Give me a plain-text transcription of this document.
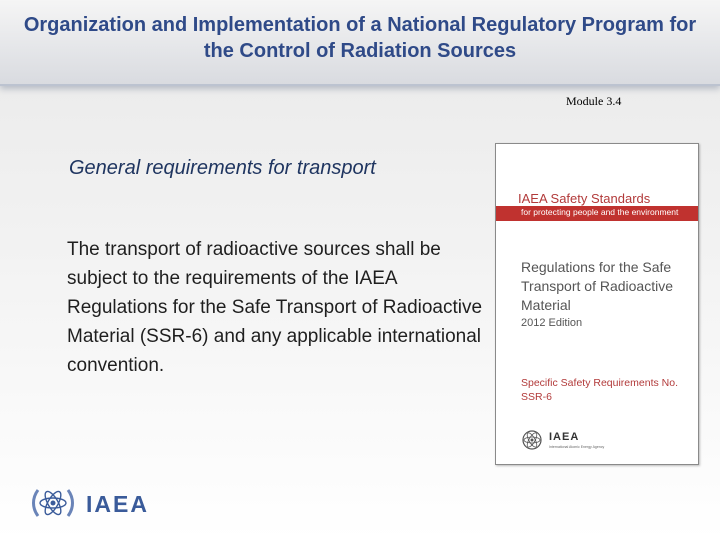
Organization and Implementation of a National Regulatory Program for the Control of Radiation Sources
Module 3.4
General requirements for transport

The transport of radioactive sources shall be subject to the requirements of the IAEA Regulations for the Safe Transport of Radioactive Material (SSR-6) and any applicable international convention.

IAEA Safety Standards
for protecting people and the environment
Regulations for the Safe Transport of Radioactive Material
2012 Edition
Specific Safety Requirements No. SSR-6
IAEA
International Atomic Energy Agency
IAEA
